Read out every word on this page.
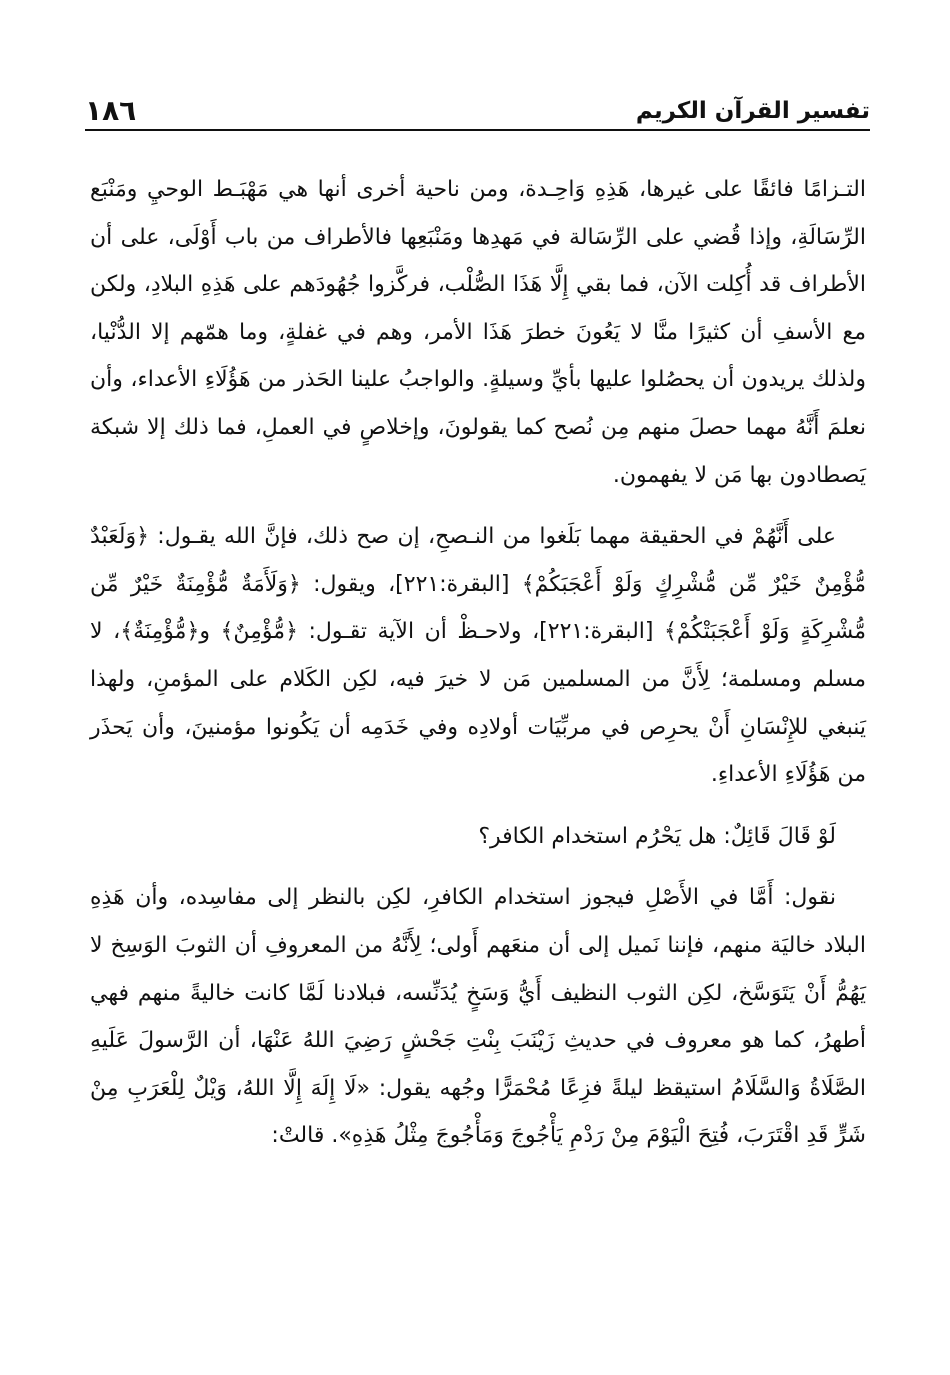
١٨٦	تفسير القرآن الكريم

التـزامًا فائقًا على غيرها، هَذِهِ وَاحِـدة، ومن ناحية أخرى أنها هي مَهْبَـط الوحيِ ومَنْبَع الرِّسَالَةِ، وإذا قُضي على الرِّسَالة في مَهدِها ومَنْبَعِها فالأطراف من باب أَوْلَى، على أن الأطراف قد أُكِلت الآن، فما بقي إِلَّا هَذَا الصُّلْب، فركَّزوا جُهُودَهم على هَذِهِ البلادِ، ولكن مع الأسفِ أن كثيرًا منَّا لا يَعُونَ خطرَ هَذَا الأمر، وهم في غفلةٍ، وما همّهم إلا الدُّنْيا، ولذلك يريدون أن يحصُلوا عليها بأيِّ وسيلةٍ. والواجبُ علينا الحَذر من هَؤُلَاءِ الأعداء، وأن نعلمَ أَنَّهُ مهما حصلَ منهم مِن نُصح كما يقولونَ، وإخلاصٍ في العملِ، فما ذلك إلا شبكة يَصطادون بها مَن لا يفهمون.

على أَنَّهُمْ في الحقيقة مهما بَلَغوا من النـصحِ، إن صح ذلك، فإنَّ الله يقـول: ﴿وَلَعَبْدٌ مُّؤْمِنٌ خَيْرٌ مِّن مُّشْرِكٍ وَلَوْ أَعْجَبَكُمْ﴾ [البقرة:٢٢١]، ويقول: ﴿وَلَأَمَةٌ مُّؤْمِنَةٌ خَيْرٌ مِّن مُّشْرِكَةٍ وَلَوْ أَعْجَبَتْكُمْ﴾ [البقرة:٢٢١]، ولاحـظْ أن الآية تقـول: ﴿مُّؤْمِنٌ﴾ و﴿مُّؤْمِنَةٌ﴾، لا مسلم ومسلمة؛ لِأَنَّ من المسلمين مَن لا خيرَ فيه، لكِن الكَلام على المؤمنِ، ولهذا يَنبغي للإِنْسَانِ أَنْ يحرِص في مربِّيَات أولادِه وفي خَدَمِه أن يَكُونوا مؤمنينَ، وأن يَحذَر من هَؤُلَاءِ الأعداءِ.

لَوْ قَالَ قَائِلٌ: هل يَحْرُم استخدام الكافر؟

نقول: أَمَّا في الأَصْلِ فيجوز استخدام الكافرِ، لكِن بالنظر إلى مفاسِده، وأن هَذِهِ البلاد خاليَة منهم، فإننا نَميل إلى أن منعَهم أَولى؛ لِأَنَّهُ من المعروفِ أن الثوبَ الوَسِخ لا يَهُمُّ أَنْ يَتَوَسَّخ، لكِن الثوب النظيف أَيُّ وَسَخٍ يُدَنِّسه، فبلادنا لَمَّا كانت خاليةً منهم فهي أطهرُ، كما هو معروف في حديثِ زَيْنَبَ بِنْتِ جَحْشٍ رَضِيَ اللهُ عَنْهَا، أن الرَّسولَ عَلَيهِ الصَّلَاةُ وَالسَّلَامُ استيقظ ليلةً فزِعًا مُحْمَرًّا وجُهه يقول: «لَا إِلَهَ إِلَّا اللهُ، وَيْلٌ لِلْعَرَبِ مِنْ شَرٍّ قَدِ اقْتَرَبَ، فُتِحَ الْيَوْمَ مِنْ رَدْمِ يَأْجُوجَ وَمَأْجُوجَ مِثْلُ هَذِهِ». قالتْ:
